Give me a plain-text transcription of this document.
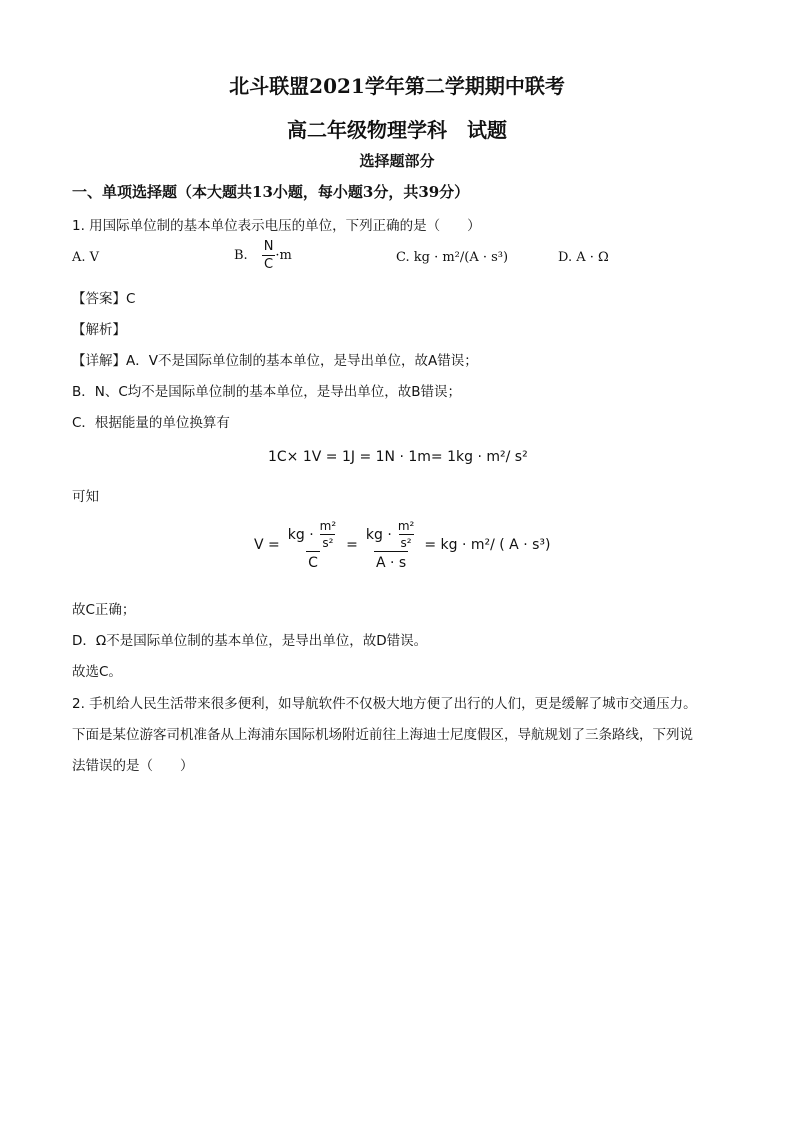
北斗联盟2021学年第二学期期中联考
高二年级物理学科　试题
选择题部分
一、单项选择题（本大题共13小题，每小题3分，共39分）
1. 用国际单位制的基本单位表示电压的单位，下列正确的是（　　）
A. V	B. $\frac{N}{C} \cdot m$	C. kg · m²/(A · s³)	D. A · Ω
【答案】C
【解析】
【详解】A．V不是国际单位制的基本单位，是导出单位，故A错误；
B．N、C均不是国际单位制的基本单位，是导出单位，故B错误；
C．根据能量的单位换算有
1C× 1V = 1J = 1N · 1m= 1kg · m²/ s²
可知
$V = \frac{kg \cdot \frac{\text{m²}}{\text{s²}}}{C} = \frac{kg \cdot \frac{\text{m²}}{\text{s²}}}{A \cdot s}$ = kg · m²/ ( A · s³)
故C正确；
D．Ω不是国际单位制的基本单位，是导出单位，故D错误。
故选C。
2. 手机给人民生活带来很多便利，如导航软件不仅极大地方便了出行的人们，更是缓解了城市交通压力。
下面是某位游客司机准备从上海浦东国际机场附近前往上海迪士尼度假区，导航规划了三条路线，下列说
法错误的是（　　）
